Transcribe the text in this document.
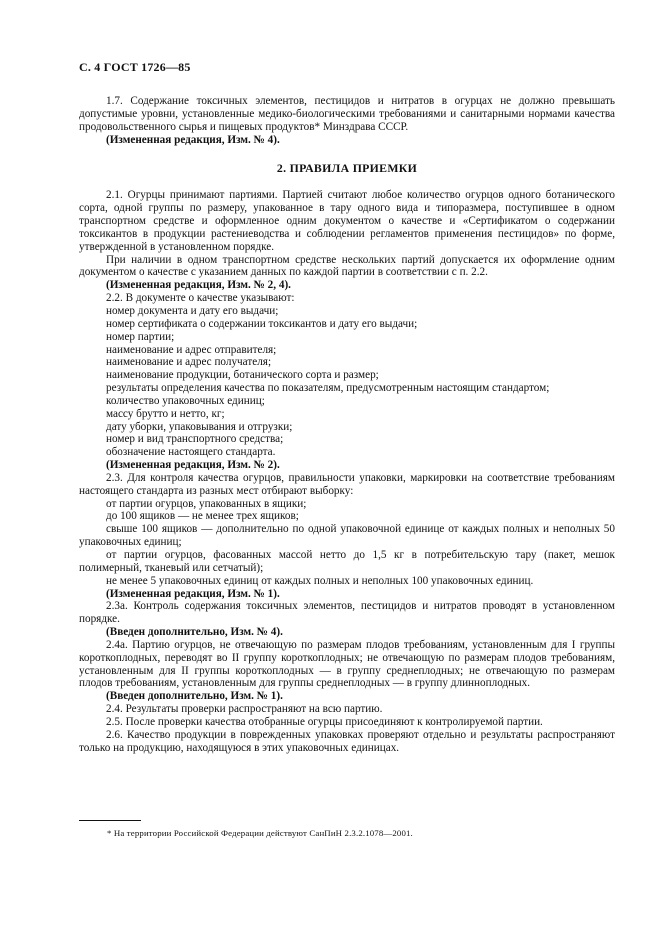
С. 4 ГОСТ 1726—85

1.7. Содержание токсичных элементов, пестицидов и нитратов в огурцах не должно превышать допустимые уровни, установленные медико-биологическими требованиями и санитарными нормами качества продовольственного сырья и пищевых продуктов* Минздрава СССР.

(Измененная редакция, Изм. № 4).

2. ПРАВИЛА ПРИЕМКИ

2.1. Огурцы принимают партиями. Партией считают любое количество огурцов одного ботанического сорта, одной группы по размеру, упакованное в тару одного вида и типоразмера, поступившее в одном транспортном средстве и оформленное одним документом о качестве и «Сертификатом о содержании токсикантов в продукции растениеводства и соблюдении регламентов применения пестицидов» по форме, утвержденной в установленном порядке.

При наличии в одном транспортном средстве нескольких партий допускается их оформление одним документом о качестве с указанием данных по каждой партии в соответствии с п. 2.2.

(Измененная редакция, Изм. № 2, 4).

2.2. В документе о качестве указывают:

номер документа и дату его выдачи;

номер сертификата о содержании токсикантов и дату его выдачи;

номер партии;

наименование и адрес отправителя;

наименование и адрес получателя;

наименование продукции, ботанического сорта и размер;

результаты определения качества по показателям, предусмотренным настоящим стандартом;

количество упаковочных единиц;

массу брутто и нетто, кг;

дату уборки, упаковывания и отгрузки;

номер и вид транспортного средства;

обозначение настоящего стандарта.

(Измененная редакция, Изм. № 2).

2.3. Для контроля качества огурцов, правильности упаковки, маркировки на соответствие требованиям настоящего стандарта из разных мест отбирают выборку:

от партии огурцов, упакованных в ящики;

до 100 ящиков — не менее трех ящиков;

свыше 100 ящиков — дополнительно по одной упаковочной единице от каждых полных и неполных 50 упаковочных единиц;

от партии огурцов, фасованных массой нетто до 1,5 кг в потребительскую тару (пакет, мешок полимерный, тканевый или сетчатый);

не менее 5 упаковочных единиц от каждых полных и неполных 100 упаковочных единиц.

(Измененная редакция, Изм. № 1).

2.3а. Контроль содержания токсичных элементов, пестицидов и нитратов проводят в установленном порядке.

(Введен дополнительно, Изм. № 4).

2.4а. Партию огурцов, не отвечающую по размерам плодов требованиям, установленным для I группы короткоплодных, переводят во II группу короткоплодных; не отвечающую по размерам плодов требованиям, установленным для II группы короткоплодных — в группу среднеплодных; не отвечающую по размерам плодов требованиям, установленным для группы среднеплодных — в группу длинноплодных.

(Введен дополнительно, Изм. № 1).

2.4. Результаты проверки распространяют на всю партию.

2.5. После проверки качества отобранные огурцы присоединяют к контролируемой партии.

2.6. Качество продукции в поврежденных упаковках проверяют отдельно и результаты распространяют только на продукцию, находящуюся в этих упаковочных единицах.

* На территории Российской Федерации действуют СанПиН 2.3.2.1078—2001.
